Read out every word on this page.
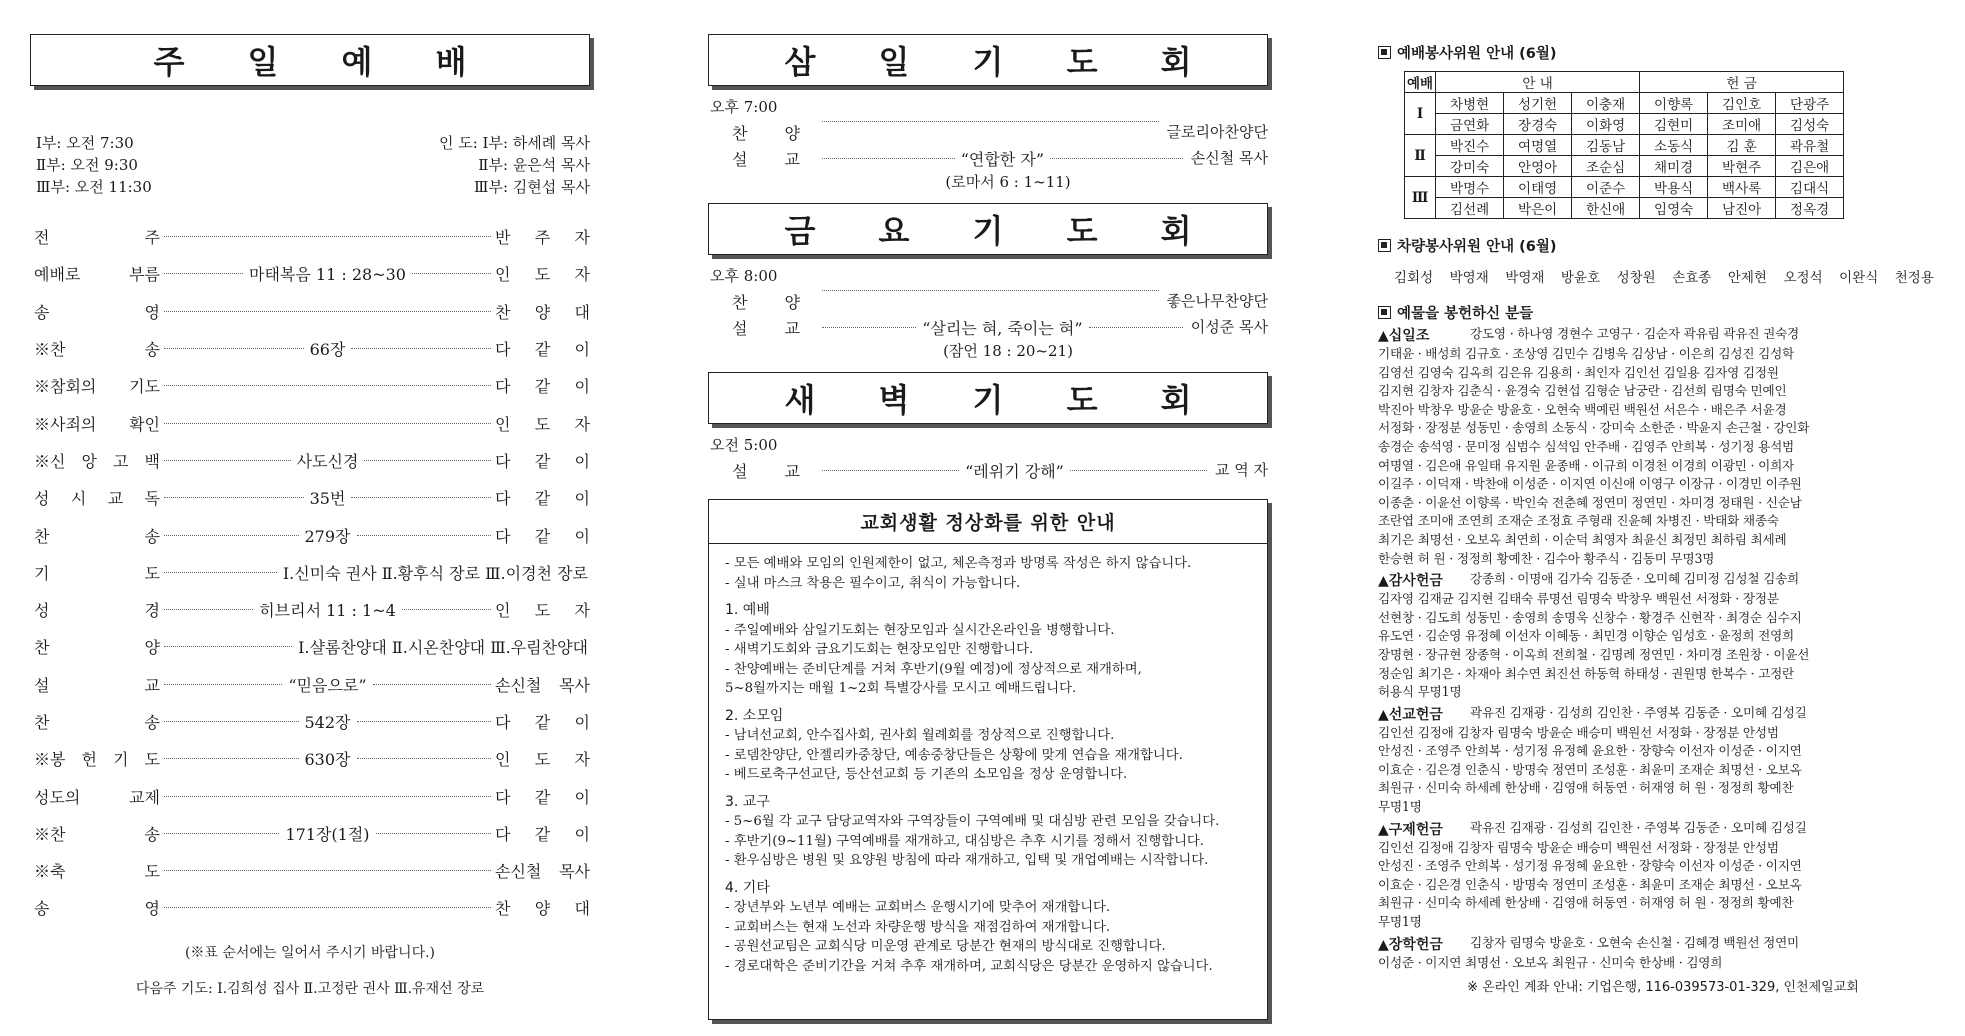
주 일 예 배
Ⅰ부: 오전 7:30
Ⅱ부: 오전 9:30
Ⅲ부: 오전 11:30
인 도: Ⅰ부: 하세례 목사
Ⅱ부: 윤은석 목사
Ⅲ부: 김현섭 목사
전	주	반 주 자
예배로	부름	마태복음 11 : 28~30	인 도 자
송	영	찬 양 대
※찬	송	66장	다 같 이
※참회의 기도	다 같 이
※사죄의 확인	인 도 자
※신 앙 고 백	사도신경	다 같 이
성 시 교 독	35번	다 같 이
찬	송	279장	다 같 이
기	도	Ⅰ.신미숙 권사 Ⅱ.황후식 장로 Ⅲ.이경천 장로
성	경	히브리서 11 : 1~4	인 도 자
찬	양	Ⅰ.샬롬찬양대 Ⅱ.시온찬양대 Ⅲ.우림찬양대
설	교	“믿음으로”	손신철 목사
찬	송	542장	다 같 이
※봉 헌 기 도	630장	인 도 자
성도의	교제	다 같 이
※찬	송	171장(1절)	다 같 이
※축	도	손신철 목사
송	영	찬 양 대
(※표 순서에는 일어서 주시기 바랍니다.)
다음주 기도: Ⅰ.김희성 집사 Ⅱ.고정란 권사 Ⅲ.유재선 장로
삼 일 기 도 회
오후 7:00
찬 양	글로리아찬양단
설 교	“연합한 자”	손신철 목사
(로마서 6 : 1~11)
금 요 기 도 회
오후 8:00
찬 양	좋은나무찬양단
설 교	“살리는 혀, 죽이는 혀”	이성준 목사
(잠언 18 : 20~21)
새 벽 기 도 회
오전 5:00
설 교	“레위기 강해”	교 역 자
교회생활 정상화를 위한 안내
- 모든 예배와 모임의 인원제한이 없고, 체온측정과 방명록 작성은 하지 않습니다.
- 실내 마스크 착용은 필수이고, 취식이 가능합니다.
1. 예배
- 주일예배와 삼일기도회는 현장모임과 실시간온라인을 병행합니다.
- 새벽기도회와 금요기도회는 현장모임만 진행합니다.
- 찬양예배는 준비단계를 거쳐 후반기(9월 예정)에 정상적으로 재개하며,
5~8월까지는 매월 1~2회 특별강사를 모시고 예배드립니다.
2. 소모임
- 남녀선교회, 안수집사회, 권사회 월례회를 정상적으로 진행합니다.
- 로뎀찬양단, 안젤리카중창단, 예송중창단들은 상황에 맞게 연습을 재개합니다.
- 베드로축구선교단, 등산선교회 등 기존의 소모임을 정상 운영합니다.
3. 교구
- 5~6월 각 교구 담당교역자와 구역장들이 구역예배 및 대심방 관련 모임을 갖습니다.
- 후반기(9~11월) 구역예배를 재개하고, 대심방은 추후 시기를 정해서 진행합니다.
- 환우심방은 병원 및 요양원 방침에 따라 재개하고, 입택 및 개업예배는 시작합니다.
4. 기타
- 장년부와 노년부 예배는 교회버스 운행시기에 맞추어 재개합니다.
- 교회버스는 현재 노선과 차량운행 방식을 재점검하여 재개합니다.
- 공원선교팀은 교회식당 미운영 관계로 당분간 현재의 방식대로 진행합니다.
- 경로대학은 준비기간을 거쳐 추후 재개하며, 교회식당은 당분간 운영하지 않습니다.
예배봉사위원 안내 (6월)
예배	안 내			헌 금		
Ⅰ	차병현	성기헌	이충재	이향록	김인호	단광주
	금연화	장경숙	이화영	김현미	조미애	김성숙
Ⅱ	박진수	여명열	김동남	소동식	김 훈	곽유철
	강미숙	안영아	조순심	채미경	박현주	김은애
Ⅲ	박명수	이태영	이준수	박용식	백사록	김대식
	김선례	박은이	한신애	임영숙	남진아	정옥경
차량봉사위원 안내 (6월)
김회성 박영재 박영재 방윤호 성창원 손효종 안제현 오정석 이완식 천정용
예물을 봉헌하신 분들
▲십일조	강도영 · 하나영 경현수 고영구 · 김순자 곽유림 곽유진 권숙경
기태윤 · 배성희 김규호 · 조상영 김민수 김병욱 김상남 · 이은희 김성진 김성학
김영선 김영숙 김옥희 김은유 김용희 · 최인자 김인선 김일용 김자영 김정원
김지현 김창자 김춘식 · 윤경숙 김현섭 김형순 남궁란 · 김선희 림명숙 민예인
박진아 박창우 방윤순 방윤호 · 오현숙 백예린 백원선 서은수 · 배은주 서윤경
서정화 · 장정분 성동민 · 송영희 소동식 · 강미숙 소한준 · 박윤지 손근철 · 강인화
송경순 송석영 · 문미정 심범수 심석임 안주배 · 김영주 안희복 · 성기정 용석범
여명열 · 김은애 유일태 유지원 윤종배 · 이규희 이경천 이경희 이광민 · 이희자
이길주 · 이덕재 · 박찬애 이성준 · 이지연 이신애 이영구 이장규 · 이경민 이주원
이종춘 · 이윤선 이향록 · 박인숙 전춘혜 정연미 정연민 · 차미경 정태원 · 신순남
조란엽 조미애 조연희 조재순 조정효 주형래 진윤혜 차병진 · 박태화 채종숙
최기은 최명선 · 오보옥 최연희 · 이순덕 최영자 최윤신 최정민 최하림 최세례
한승현 허 원 · 정정희 황예찬 · 김수아 황주식 · 김동미 무명3명
▲감사헌금	강종희 · 이명애 김가숙 김동준 · 오미혜 김미정 김성철 김송희
김자영 김재균 김지현 김태숙 류명선 림명숙 박창우 백원선 서정화 · 장정분
선현창 · 김도희 성동민 · 송영희 송명욱 신창수 · 황경주 신현작 · 최경순 심수지
유도연 · 김순영 유정혜 이선자 이혜동 · 최민경 이향순 임성호 · 윤정희 전영희
장명현 · 장규현 장종혁 · 이옥희 전희철 · 김명례 정연민 · 차미경 조원창 · 이윤선
정순임 최기은 · 차재아 최수연 최진선 하동혁 하태성 · 권원명 한복수 · 고정란
허용식 무명1명
▲선교헌금	곽유진 김재광 · 김성희 김인찬 · 주영복 김동준 · 오미혜 김성길
김인선 김정애 김창자 림명숙 방윤순 배승미 백원선 서정화 · 장정분 안성범
안성진 · 조영주 안희복 · 성기정 유정혜 윤요한 · 장향숙 이선자 이성준 · 이지연
이효순 · 김은경 인춘식 · 방명숙 정연미 조성훈 · 최윤미 조재순 최명선 · 오보옥
최원규 · 신미숙 하세례 한상배 · 김영애 허동연 · 허재영 허 원 · 정정희 황예찬
무명1명
▲구제헌금	곽유진 김재광 · 김성희 김인찬 · 주영복 김동준 · 오미혜 김성길
김인선 김정애 김창자 림명숙 방윤순 배승미 백원선 서정화 · 장정분 안성범
안성진 · 조영주 안희복 · 성기정 유정혜 윤요한 · 장향숙 이선자 이성준 · 이지연
이효순 · 김은경 인춘식 · 방명숙 정연미 조성훈 · 최윤미 조재순 최명선 · 오보옥
최원규 · 신미숙 하세례 한상배 · 김영애 허동연 · 허재영 허 원 · 정정희 황예찬
무명1명
▲장학헌금	김창자 림명숙 방윤호 · 오현숙 손신철 · 김혜경 백원선 정연미
이성준 · 이지연 최명선 · 오보옥 최원규 · 신미숙 한상배 · 김영희
※ 온라인 계좌 안내: 기업은행, 116-039573-01-329, 인천제일교회
